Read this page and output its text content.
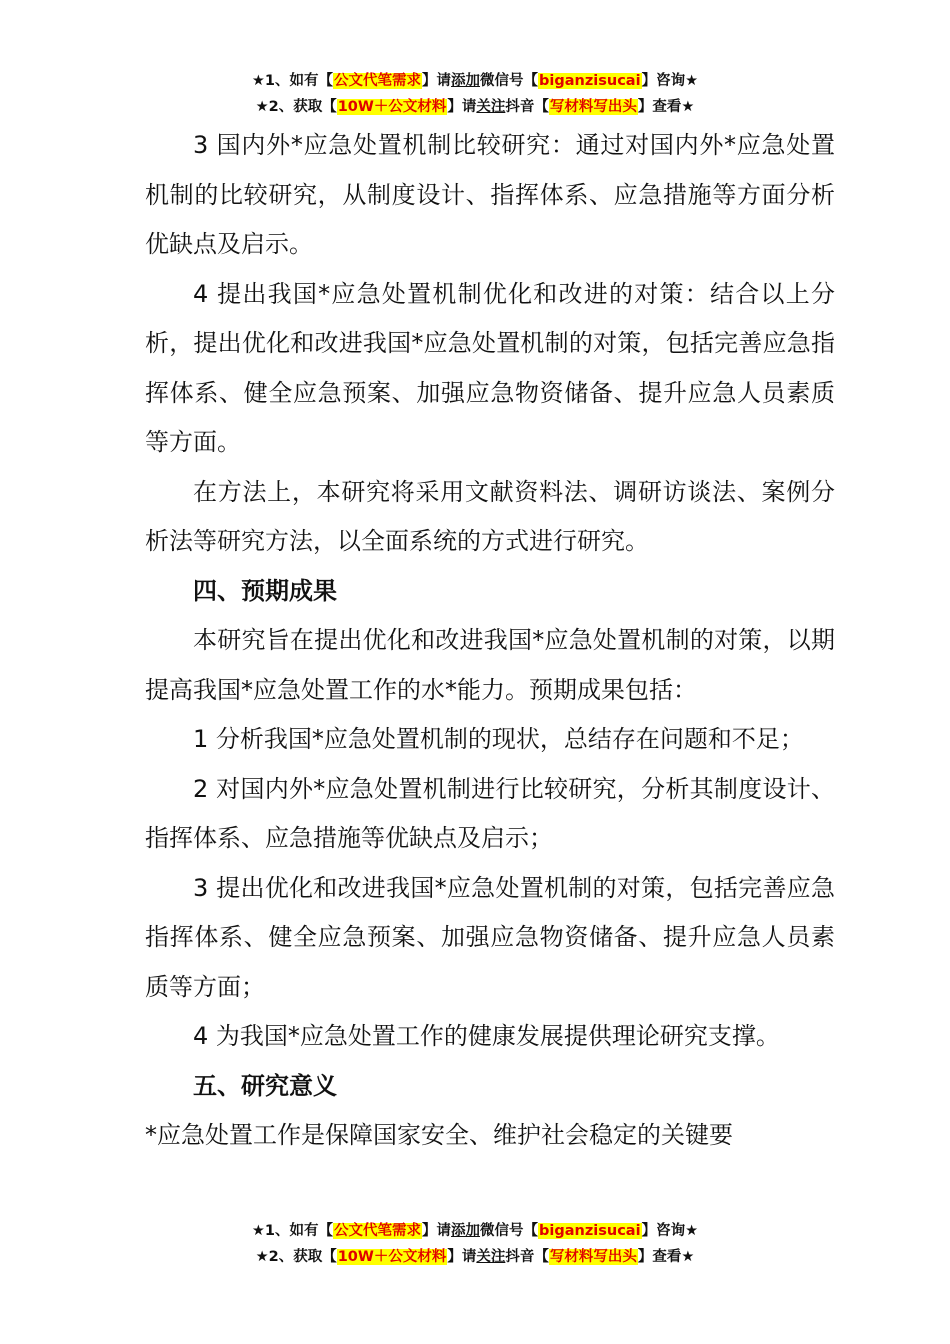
★1、如有【公文代笔需求】请添加微信号【biganzisucai】咨询★
★2、获取【10W＋公文材料】请关注抖音【写材料写出头】查看★

3 国内外*应急处置机制比较研究：通过对国内外*应急处置机制的比较研究，从制度设计、指挥体系、应急措施等方面分析优缺点及启示。

4 提出我国*应急处置机制优化和改进的对策：结合以上分析，提出优化和改进我国*应急处置机制的对策，包括完善应急指挥体系、健全应急预案、加强应急物资储备、提升应急人员素质等方面。

在方法上，本研究将采用文献资料法、调研访谈法、案例分析法等研究方法，以全面系统的方式进行研究。

四、预期成果

本研究旨在提出优化和改进我国*应急处置机制的对策，以期提高我国*应急处置工作的水*能力。预期成果包括：

1 分析我国*应急处置机制的现状，总结存在问题和不足；

2 对国内外*应急处置机制进行比较研究，分析其制度设计、指挥体系、应急措施等优缺点及启示；

3 提出优化和改进我国*应急处置机制的对策，包括完善应急指挥体系、健全应急预案、加强应急物资储备、提升应急人员素质等方面；

4 为我国*应急处置工作的健康发展提供理论研究支撑。

五、研究意义

*应急处置工作是保障国家安全、维护社会稳定的关键要

★1、如有【公文代笔需求】请添加微信号【biganzisucai】咨询★
★2、获取【10W＋公文材料】请关注抖音【写材料写出头】查看★
